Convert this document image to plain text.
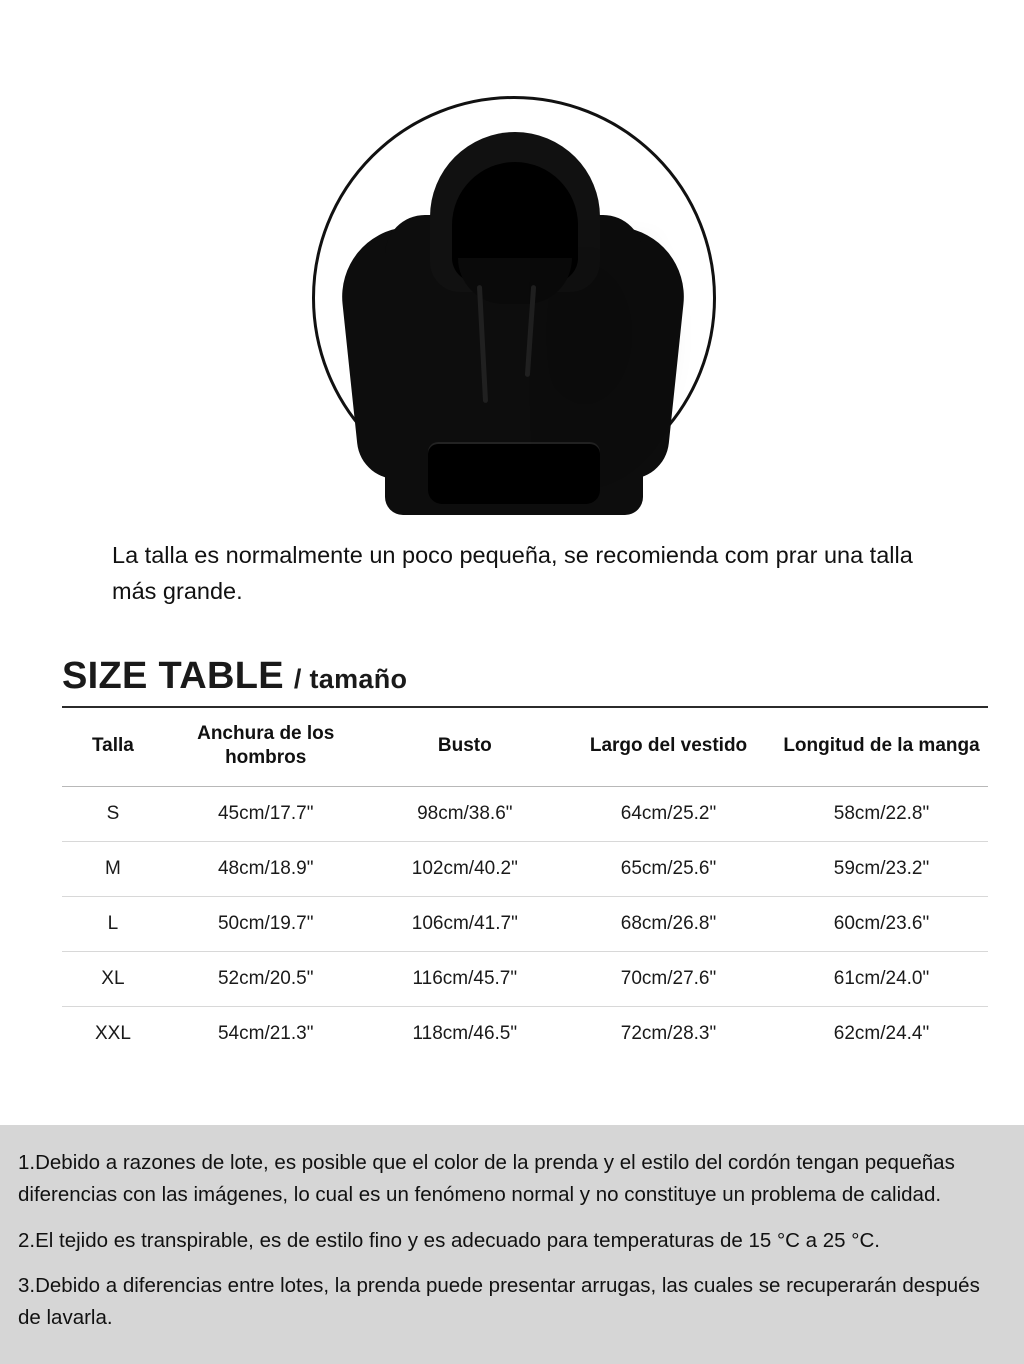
La talla es normalmente un poco pequeña, se recomienda com prar una talla más grande.

SIZE TABLE / tamaño
Talla	Anchura de los hombros	Busto	Largo del vestido	Longitud de la manga
S	45cm/17.7"	98cm/38.6"	64cm/25.2"	58cm/22.8"
M	48cm/18.9"	102cm/40.2"	65cm/25.6"	59cm/23.2"
L	50cm/19.7"	106cm/41.7"	68cm/26.8"	60cm/23.6"
XL	52cm/20.5"	116cm/45.7"	70cm/27.6"	61cm/24.0"
XXL	54cm/21.3"	118cm/46.5"	72cm/28.3"	62cm/24.4"

1.Debido a razones de lote, es posible que el color de la prenda y el estilo del cordón tengan pequeñas diferencias con las imágenes, lo cual es un fenómeno normal y no constituye un problema de calidad.

2.El tejido es transpirable, es de estilo fino y es adecuado para temperaturas de 15 °C a 25 °C.

3.Debido a diferencias entre lotes, la prenda puede presentar arrugas, las cuales se recuperarán después de lavarla.
